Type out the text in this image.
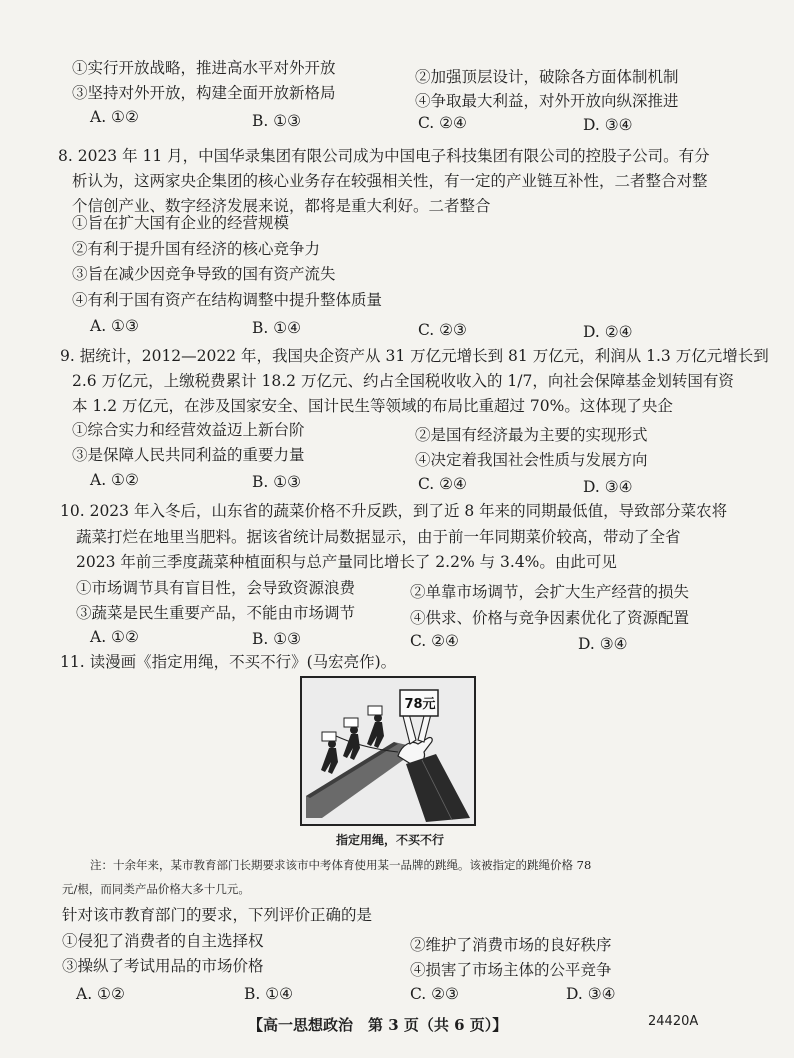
①实行开放战略，推进高水平对外开放	②加强顶层设计，破除各方面体制机制
③坚持对外开放，构建全面开放新格局	④争取最大利益，对外开放向纵深推进
A. ①②	B. ①③	C. ②④	D. ③④
8. 2023 年 11 月，中国华录集团有限公司成为中国电子科技集团有限公司的控股子公司。有分
析认为，这两家央企集团的核心业务存在较强相关性，有一定的产业链互补性，二者整合对整
个信创产业、数字经济发展来说，都将是重大利好。二者整合
①旨在扩大国有企业的经营规模
②有利于提升国有经济的核心竞争力
③旨在减少因竞争导致的国有资产流失
④有利于国有资产在结构调整中提升整体质量
A. ①③	B. ①④	C. ②③	D. ②④
9. 据统计，2012—2022 年，我国央企资产从 31 万亿元增长到 81 万亿元，利润从 1.3 万亿元增长到
2.6 万亿元，上缴税费累计 18.2 万亿元、约占全国税收收入的 1/7，向社会保障基金划转国有资
本 1.2 万亿元，在涉及国家安全、国计民生等领域的布局比重超过 70%。这体现了央企
①综合实力和经营效益迈上新台阶	②是国有经济最为主要的实现形式
③是保障人民共同利益的重要力量	④决定着我国社会性质与发展方向
A. ①②	B. ①③	C. ②④	D. ③④
10. 2023 年入冬后，山东省的蔬菜价格不升反跌，到了近 8 年来的同期最低值，导致部分菜农将
蔬菜打烂在地里当肥料。据该省统计局数据显示，由于前一年同期菜价较高，带动了全省
2023 年前三季度蔬菜种植面积与总产量同比增长了 2.2% 与 3.4%。由此可见
①市场调节具有盲目性，会导致资源浪费	②单靠市场调节，会扩大生产经营的损失
③蔬菜是民生重要产品，不能由市场调节	④供求、价格与竞争因素优化了资源配置
A. ①②	B. ①③	C. ②④	D. ③④
11. 读漫画《指定用绳，不买不行》(马宏亮作)。
78元
指定用绳，不买不行
注：十余年来，某市教育部门长期要求该市中考体育使用某一品牌的跳绳。该被指定的跳绳价格 78
元/根，而同类产品价格大多十几元。
针对该市教育部门的要求，下列评价正确的是
①侵犯了消费者的自主选择权	②维护了消费市场的良好秩序
③操纵了考试用品的市场价格	④损害了市场主体的公平竞争
A. ①②	B. ①④	C. ②③	D. ③④
【高一思想政治　第 3 页（共 6 页）】	24420A
